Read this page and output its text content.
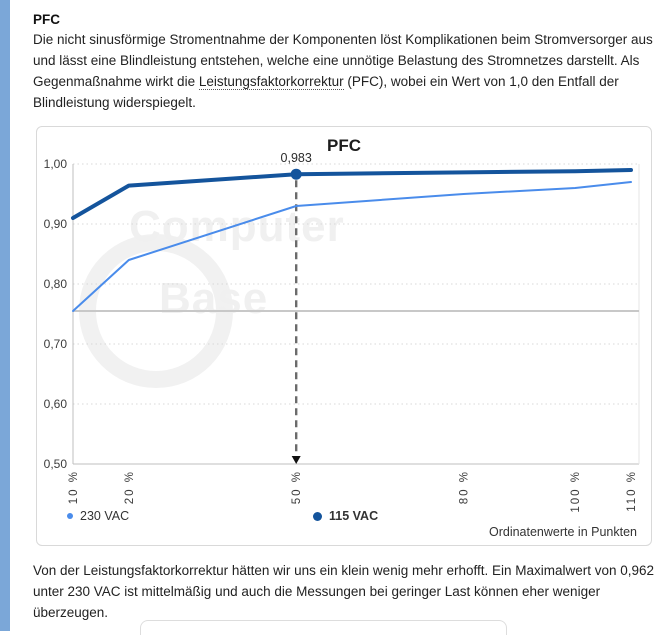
PFC

Die nicht sinusförmige Stromentnahme der Komponenten löst Komplikationen beim Stromversorger aus und lässt eine Blindleistung entstehen, welche eine unnötige Belastung des Stromnetzes darstellt. Als Gegenmaßnahme wirkt die Leistungsfaktorkorrektur (PFC), wobei ein Wert von 1,0 den Entfall der Blindleistung widerspiegelt.

Computer
Base
1,00
0,90
0,80
0,70
0,60
0,50
10 %	20 %	50 %	80 %	100 %	110 %
0,983
PFC
230 VAC	115 VAC
Ordinatenwerte in Punkten

Von der Leistungsfaktorkorrektur hätten wir uns ein klein wenig mehr erhofft. Ein Maximalwert von 0,962 unter 230 VAC ist mittelmäßig und auch die Messungen bei geringer Last können eher weniger überzeugen.
